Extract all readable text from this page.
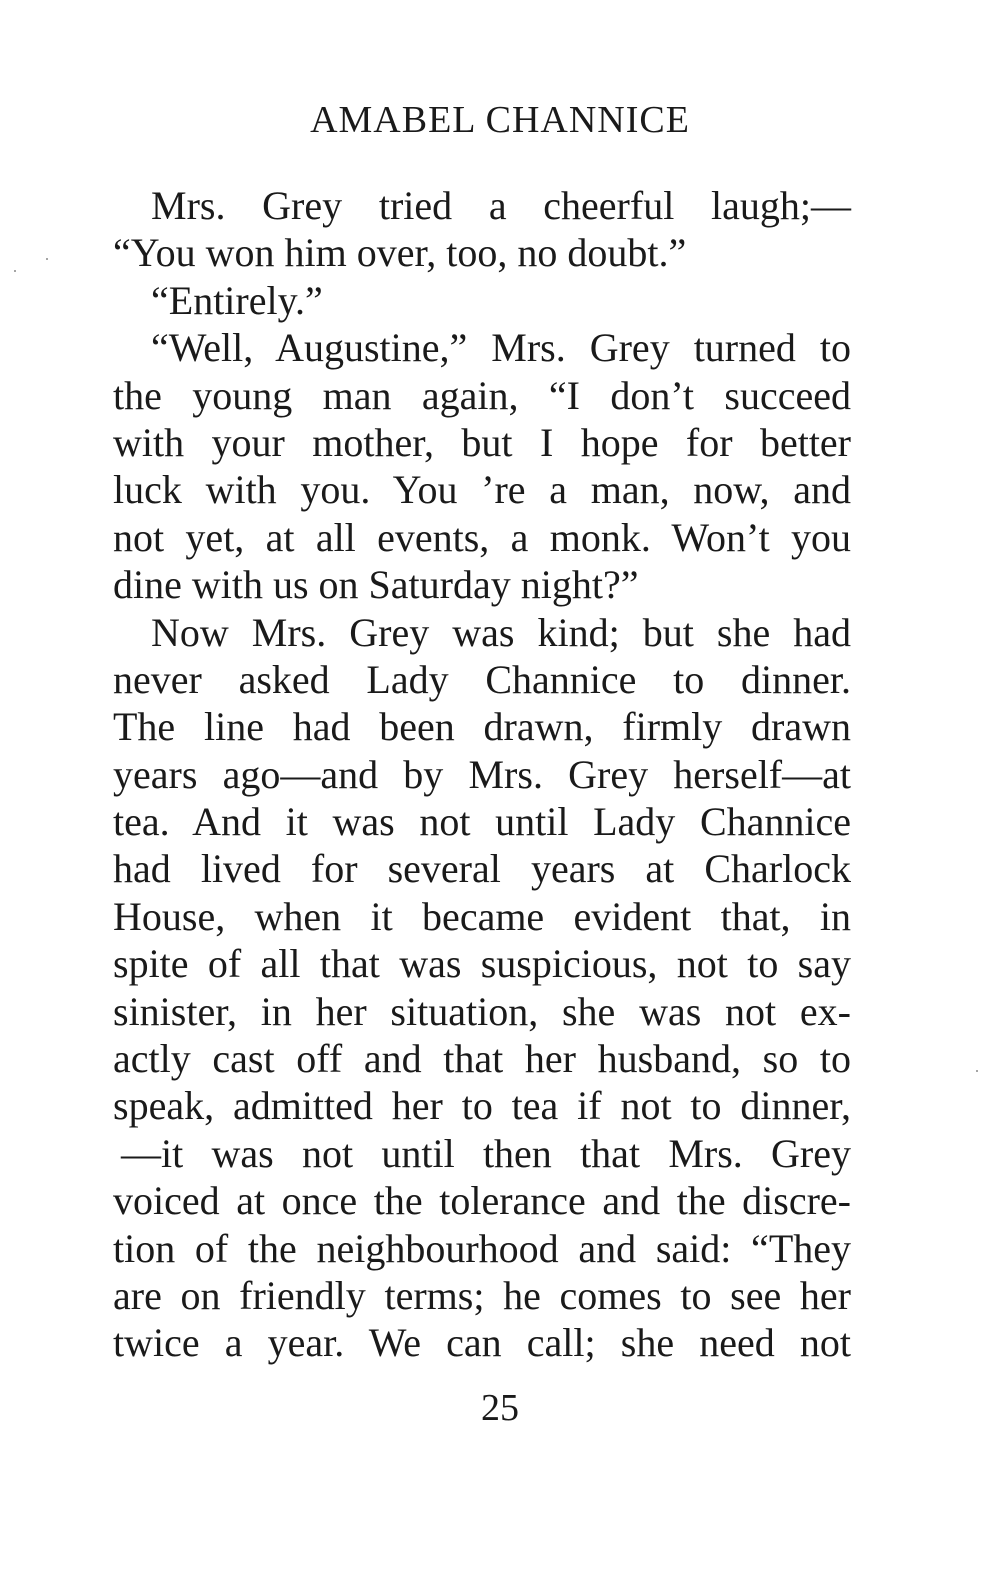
AMABEL CHANNICE
Mrs. Grey tried a cheerful laugh;—
“You won him over, too, no doubt.”
“Entirely.”
“Well, Augustine,” Mrs. Grey turned to
the young man again, “I don’t succeed
with your mother, but I hope for better
luck with you. You ’re a man, now, and
not yet, at all events, a monk. Won’t you
dine with us on Saturday night?”
Now Mrs. Grey was kind; but she had
never asked Lady Channice to dinner.
The line had been drawn, firmly drawn
years ago—and by Mrs. Grey herself—at
tea. And it was not until Lady Channice
had lived for several years at Charlock
House, when it became evident that, in
spite of all that was suspicious, not to say
sinister, in her situation, she was not ex-
actly cast off and that her husband, so to
speak, admitted her to tea if not to dinner,
—it was not until then that Mrs. Grey
voiced at once the tolerance and the discre-
tion of the neighbourhood and said: “They
are on friendly terms; he comes to see her
twice a year. We can call; she need not
25
